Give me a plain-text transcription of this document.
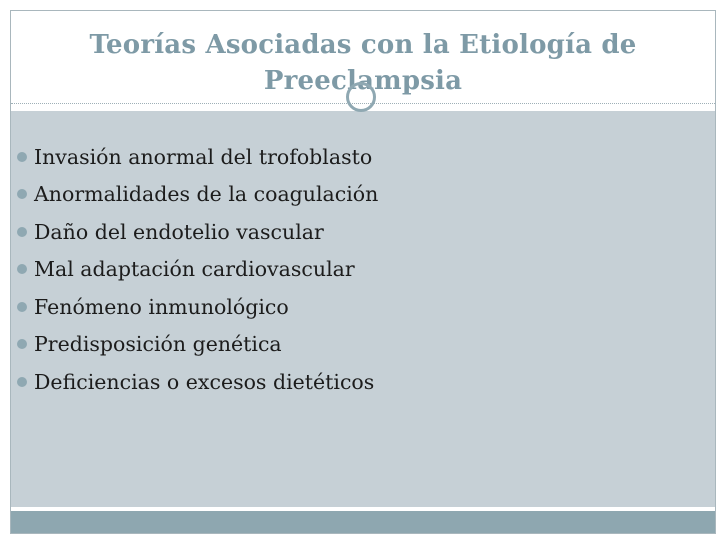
Teorías Asociadas con la Etiología de
Preeclampsia
Invasión anormal del trofoblasto
Anormalidades de la coagulación
Daño del endotelio vascular
Mal adaptación cardiovascular
Fenómeno inmunológico
Predisposición genética
Deficiencias o excesos dietéticos
